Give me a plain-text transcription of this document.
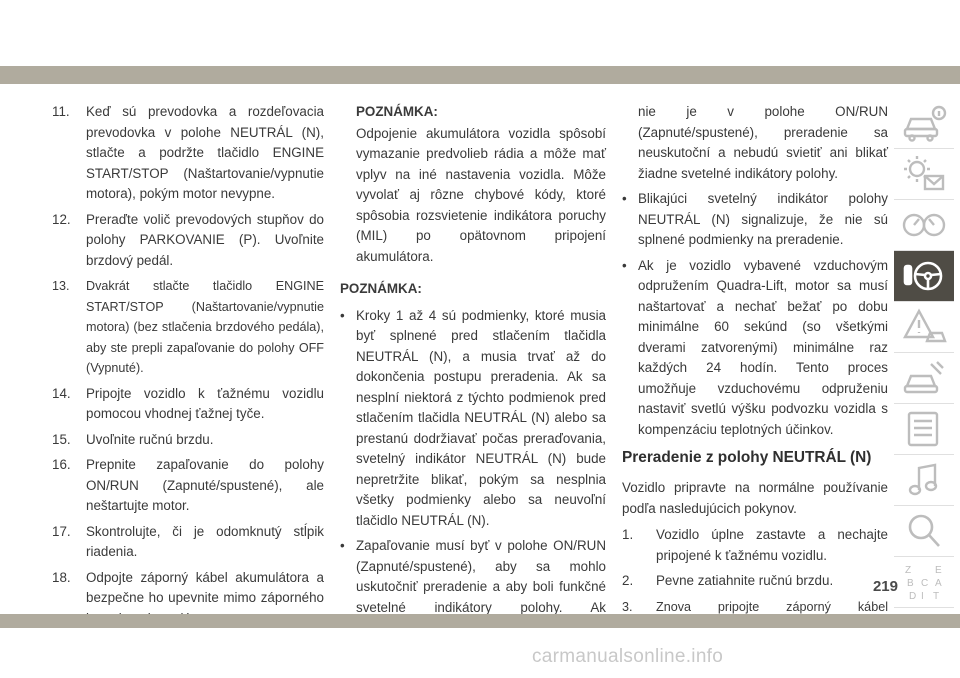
11.	Keď sú prevodovka a rozdeľovacia prevodovka v polohe NEUTRÁL (N), stlačte a podržte tlačidlo ENGINE START/STOP (Naštartovanie/vypnutie motora), pokým motor nevypne.
12.	Preraďte volič prevodových stupňov do polohy PARKOVANIE (P). Uvoľnite brzdový pedál.
13.	Dvakrát stlačte tlačidlo ENGINE START/STOP (Naštartovanie/vypnutie motora) (bez stlačenia brzdového pedála), aby ste prepli zapaľovanie do polohy OFF (Vypnuté).
14.	Pripojte vozidlo k ťažnému vozidlu pomocou vhodnej ťažnej tyče.
15.	Uvoľnite ručnú brzdu.
16.	Prepnite zapaľovanie do polohy ON/RUN (Zapnuté/spustené), ale neštartujte motor.
17.	Skontrolujte, či je odomknutý stĺpik riadenia.
18.	Odpojte záporný kábel akumulátora a bezpečne ho upevnite mimo záporného
POZNÁMKA:
Odpojenie akumulátora vozidla spôsobí vymazanie predvolieb rádia a môže mať vplyv na iné nastavenia vozidla. Môže vyvolať aj rôzne chybové kódy, ktoré spôsobia rozsvietenie indikátora poruchy (MIL) po opätovnom pripojení akumulátora.
POZNÁMKA:
• Kroky 1 až 4 sú podmienky, ktoré musia byť splnené pred stlačením tlačidla NEUTRÁL (N), a musia trvať až do dokončenia postupu preradenia. Ak sa nesplní niektorá z týchto podmienok pred stlačením tlačidla NEUTRÁL (N) alebo sa prestanú dodržiavať počas preraďovania, svetelný indikátor NEUTRÁL (N) bude nepretržite blikať, pokým sa nesplnia všetky podmienky alebo sa neuvoľní tlačidlo NEUTRÁL (N).
• Zapaľovanie musí byť v polohe ON/RUN (Zapnuté/spustené), aby sa mohlo uskutočniť preradenie a aby boli funkčné svetelné indikátory polohy. Ak
nie je v polohe ON/RUN (Zapnuté/spustené), preradenie sa neuskutoční a nebudú svietiť ani blikať žiadne svetelné indikátory polohy.
• Blikajúci svetelný indikátor polohy NEUTRÁL (N) signalizuje, že nie sú splnené podmienky na preradenie.
• Ak je vozidlo vybavené vzduchovým odpružením Quadra-Lift, motor sa musí naštartovať a nechať bežať po dobu minimálne 60 sekúnd (so všetkými dverami zatvorenými) minimálne raz každých 24 hodín. Tento proces umožňuje vzduchovému odpruženiu nastaviť svetlú výšku podvozku vozidla s kompenzáciu teplotných účinkov.
Preradenie z polohy NEUTRÁL (N)
Vozidlo pripravte na normálne používanie podľa nasledujúcich pokynov.
1.	Vozidlo úplne zastavte a nechajte pripojené k ťažnému vozidlu.
2.	Pevne zatiahnite ručnú brzdu.
3.	Znova pripojte záporný kábel
Z E
B C A
D I T
219
carmanualsonline.info
